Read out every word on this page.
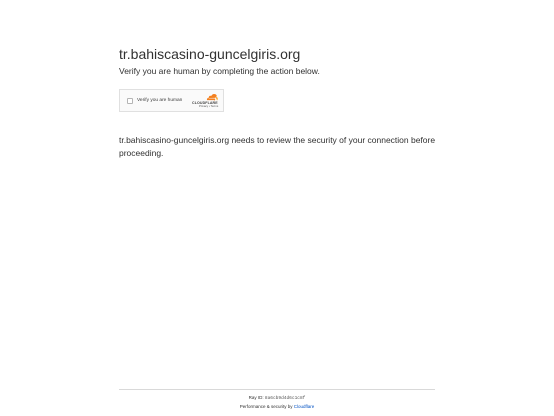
tr.bahiscasino-guncelgiris.org
Verify you are human by completing the action below.
Verify you are human	CLOUDFLARE
Privacy • Terms

tr.bahiscasino-guncelgiris.org needs to review the security of your connection before proceeding.

Ray ID: 8a6cb9d4d6c1c8f
Performance & security by Cloudflare
